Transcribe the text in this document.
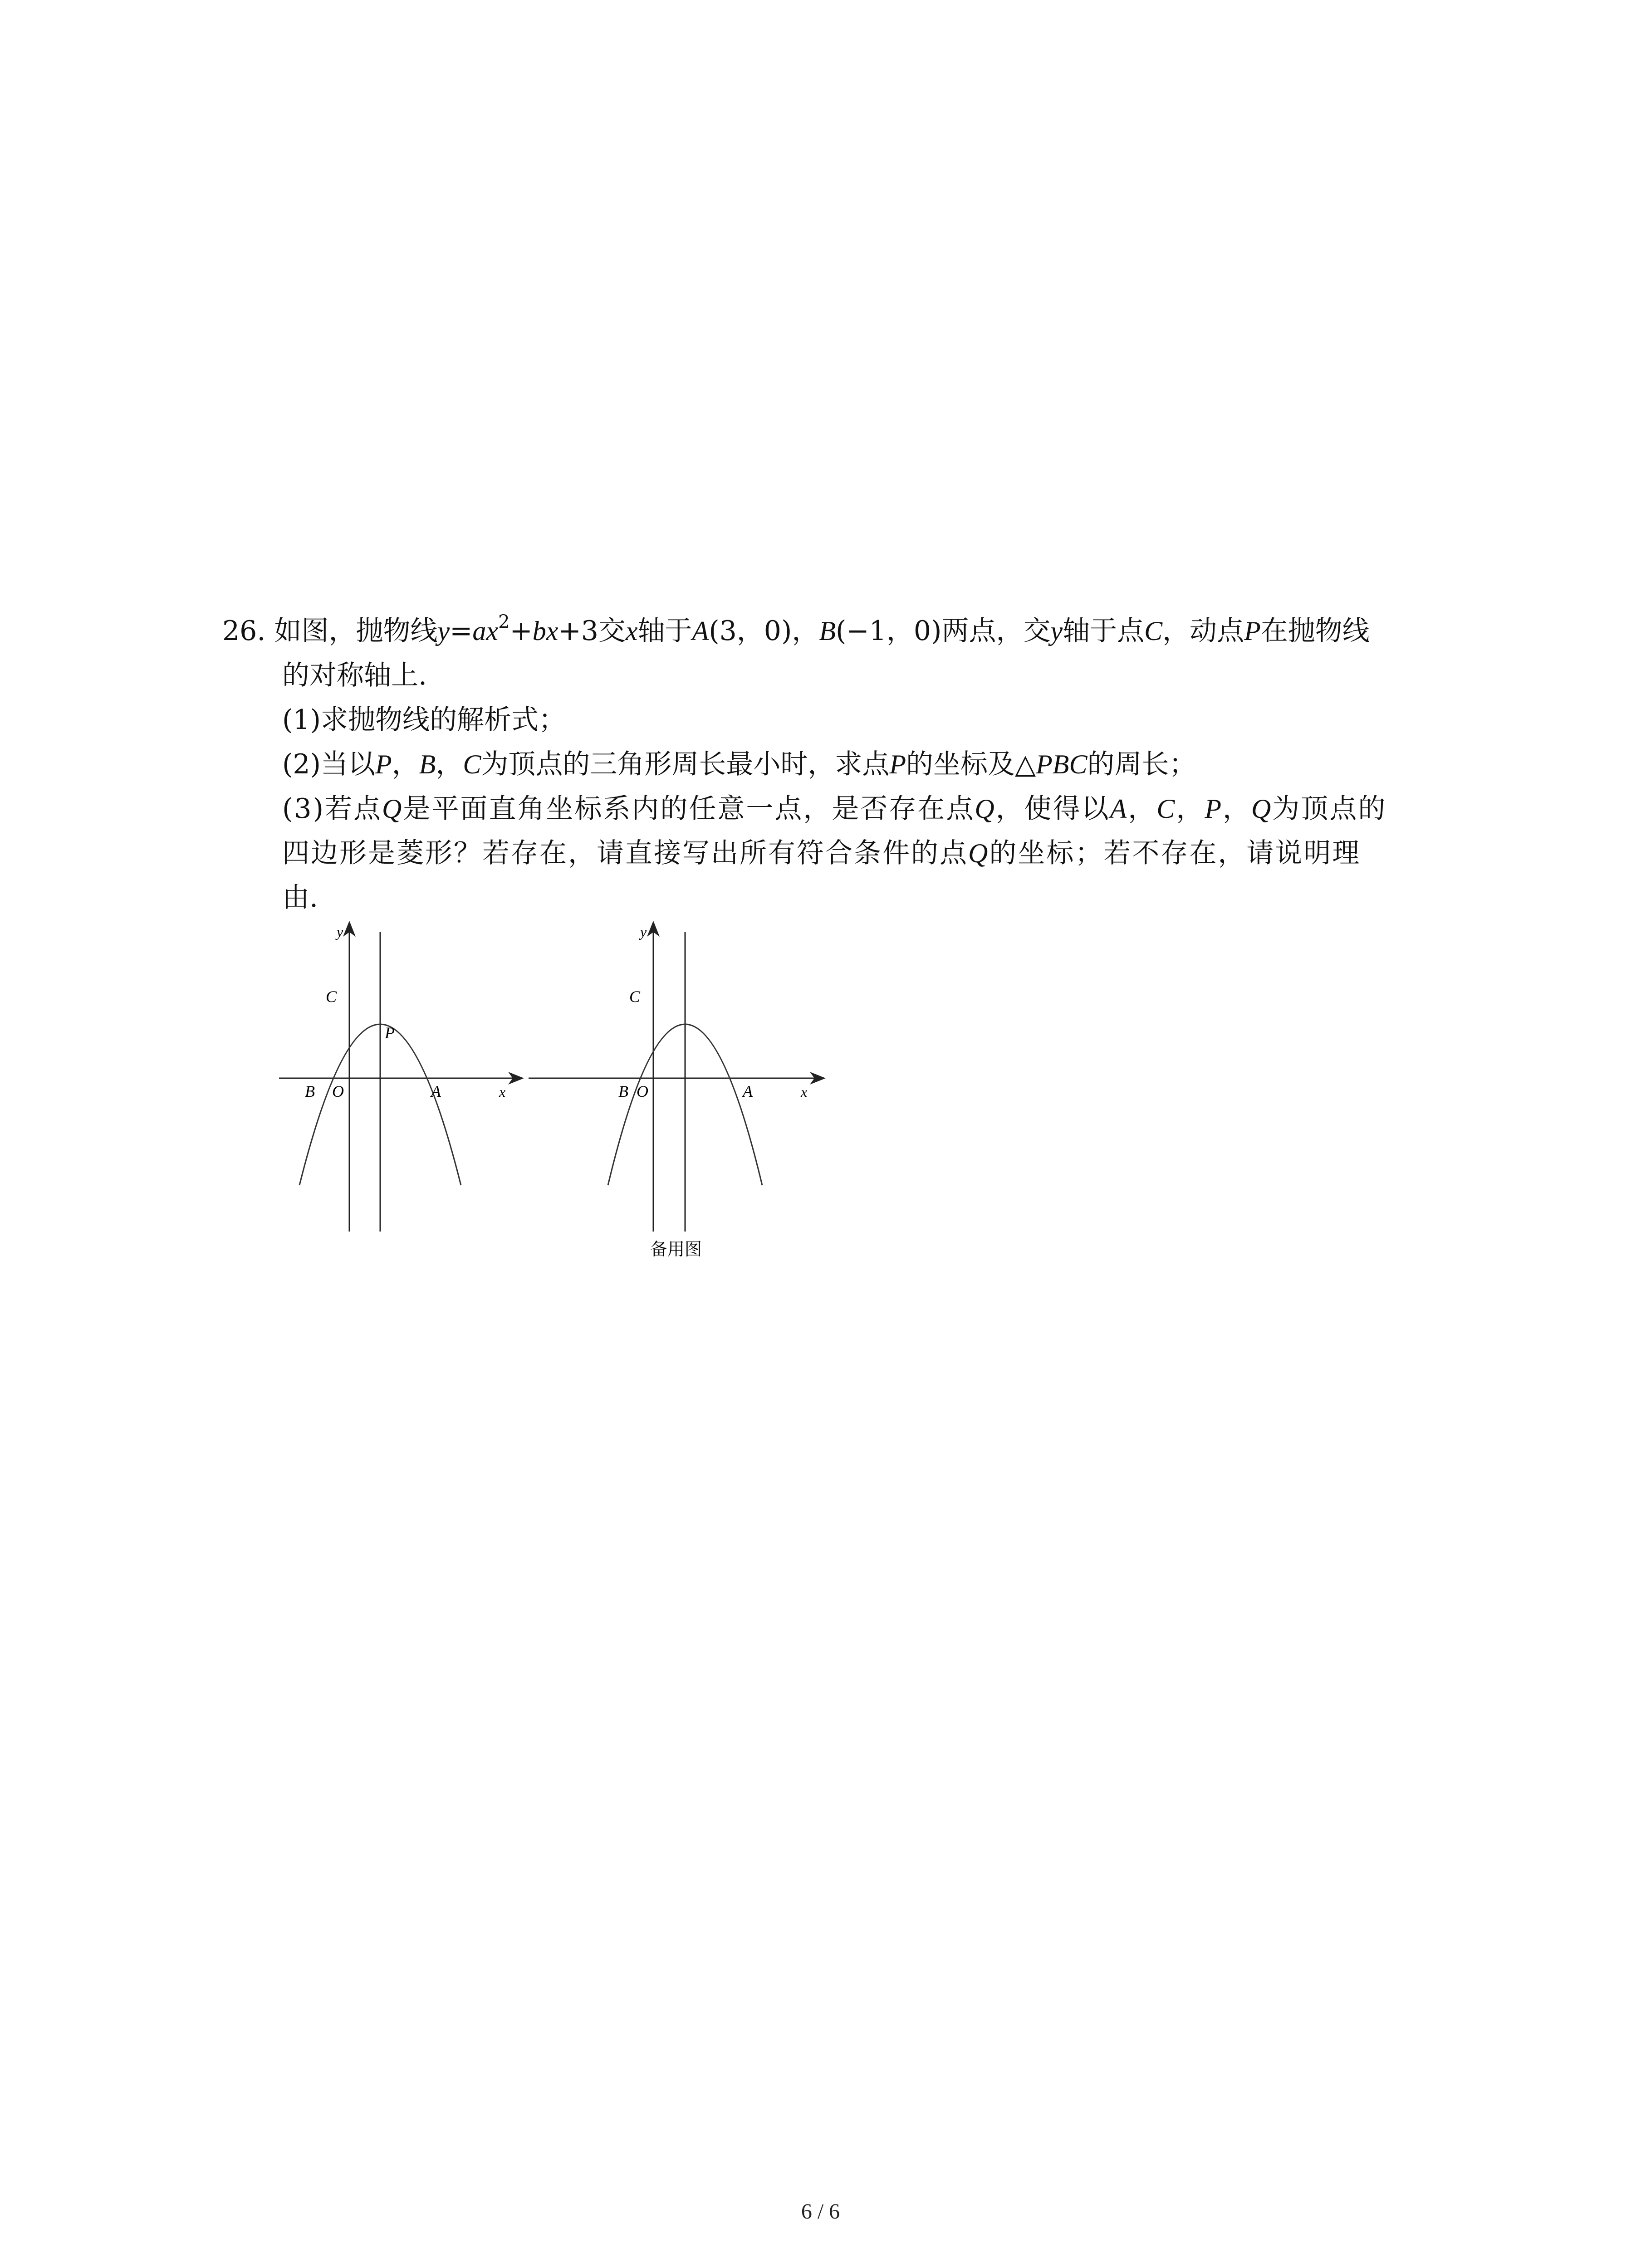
26. 如图，抛物线$y=ax^2+bx+3$交x轴于A(3，0)，B(−1，0)两点，交y轴于点C，动点P在抛物线

的对称轴上.

(1)求抛物线的解析式；

(2)当以P，B，C为顶点的三角形周长最小时，求点P的坐标及△PBC的周长；

(3)若点Q是平面直角坐标系内的任意一点，是否存在点Q，使得以A，C，P，Q为顶点的

四边形是菱形？若存在，请直接写出所有符合条件的点Q的坐标；若不存在，请说明理

由.

y
x
C
P
B O	A
y
x
C
B O	A
备用图
6 / 6
